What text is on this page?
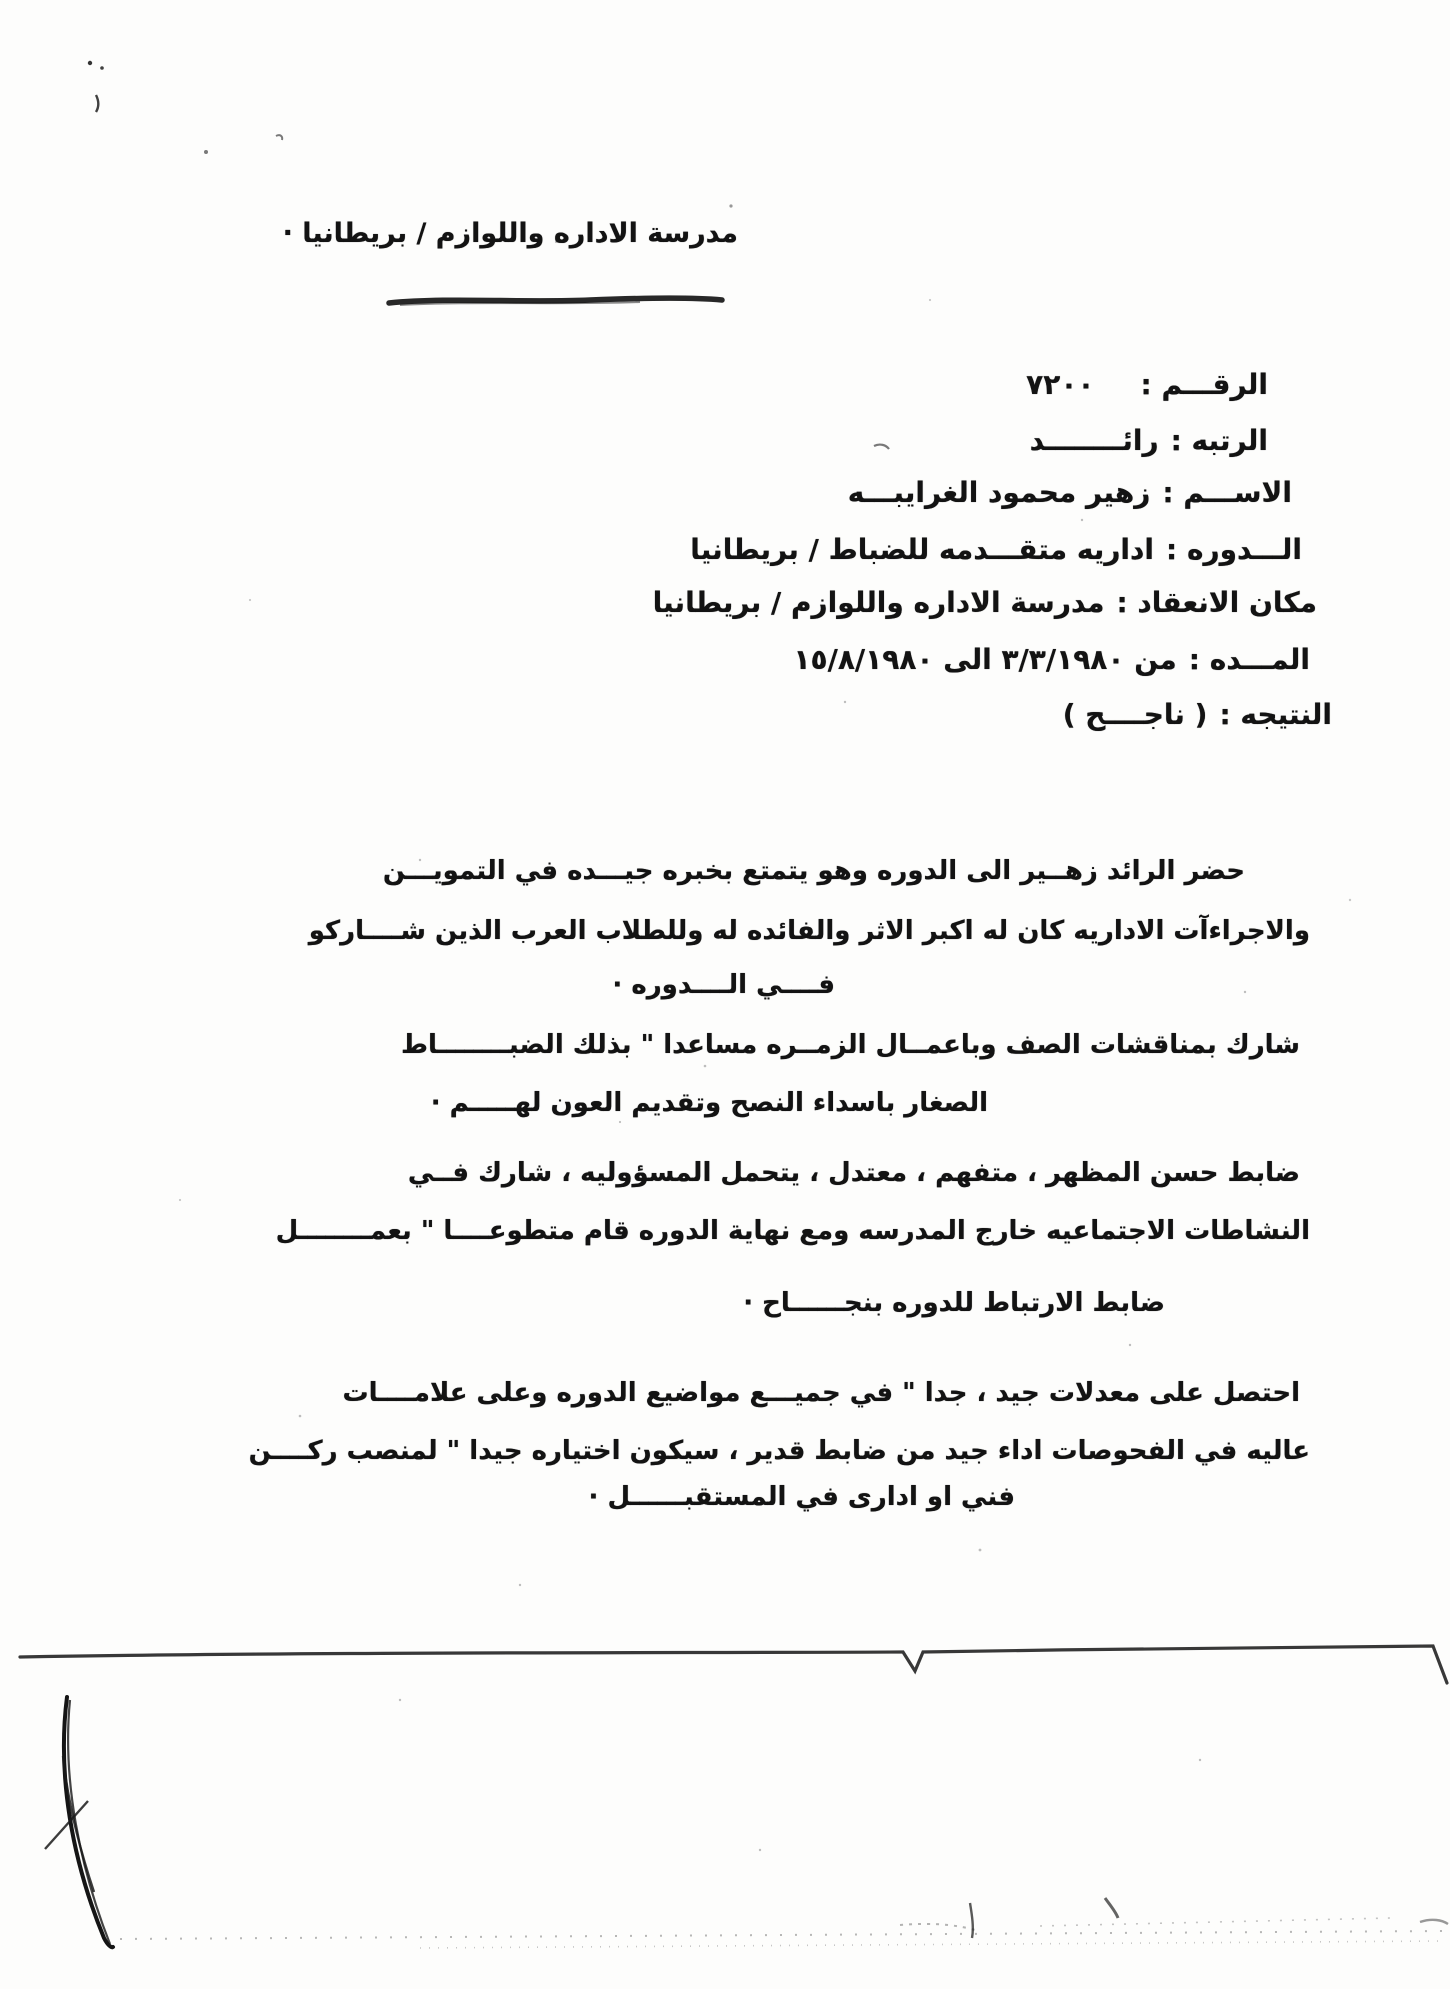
مدرسة الاداره واللوازم / بريطانيا ·
الرقـــم :٧٢٠٠
الرتبه :رائــــــــد
الاســـم :زهير محمود الغرايبـــه
الـــدوره :اداريه متقـــدمه للضباط / بريطانيا
مكان الانعقاد :مدرسة الاداره واللوازم / بريطانيا
المـــده :من ٣/٣/١٩٨٠ الى ١٥/٨/١٩٨٠
النتيجه :( ناجــــح )
حضر الرائد زهــير الى الدوره وهو يتمتع بخبره جيـــده في التمويـــن
والاجراءآت الاداريه كان له اكبر الاثر والفائده له وللطلاب العرب الذين شــــاركو
فــــي الــــدوره ·
شارك بمناقشات الصف وباعمــال الزمــره مساعدا " بذلك الضبــــــــاط
الصغار باسداء النصح وتقديم العون لهـــــم ·
ضابط حسن المظهر ، متفهم ، معتدل ، يتحمل المسؤوليه ، شارك فــي
النشاطات الاجتماعيه خارج المدرسه ومع نهاية الدوره قام متطوعــــا " بعمــــــــل
ضابط الارتباط للدوره بنجــــــاح ·
احتصل على معدلات جيد ، جدا " في جميـــع مواضيع الدوره وعلى علامــــات
عاليه في الفحوصات اداء جيد من ضابط قدير ، سيكون اختياره جيدا " لمنصب ركــــن
فني او ادارى في المستقبــــــل ·
